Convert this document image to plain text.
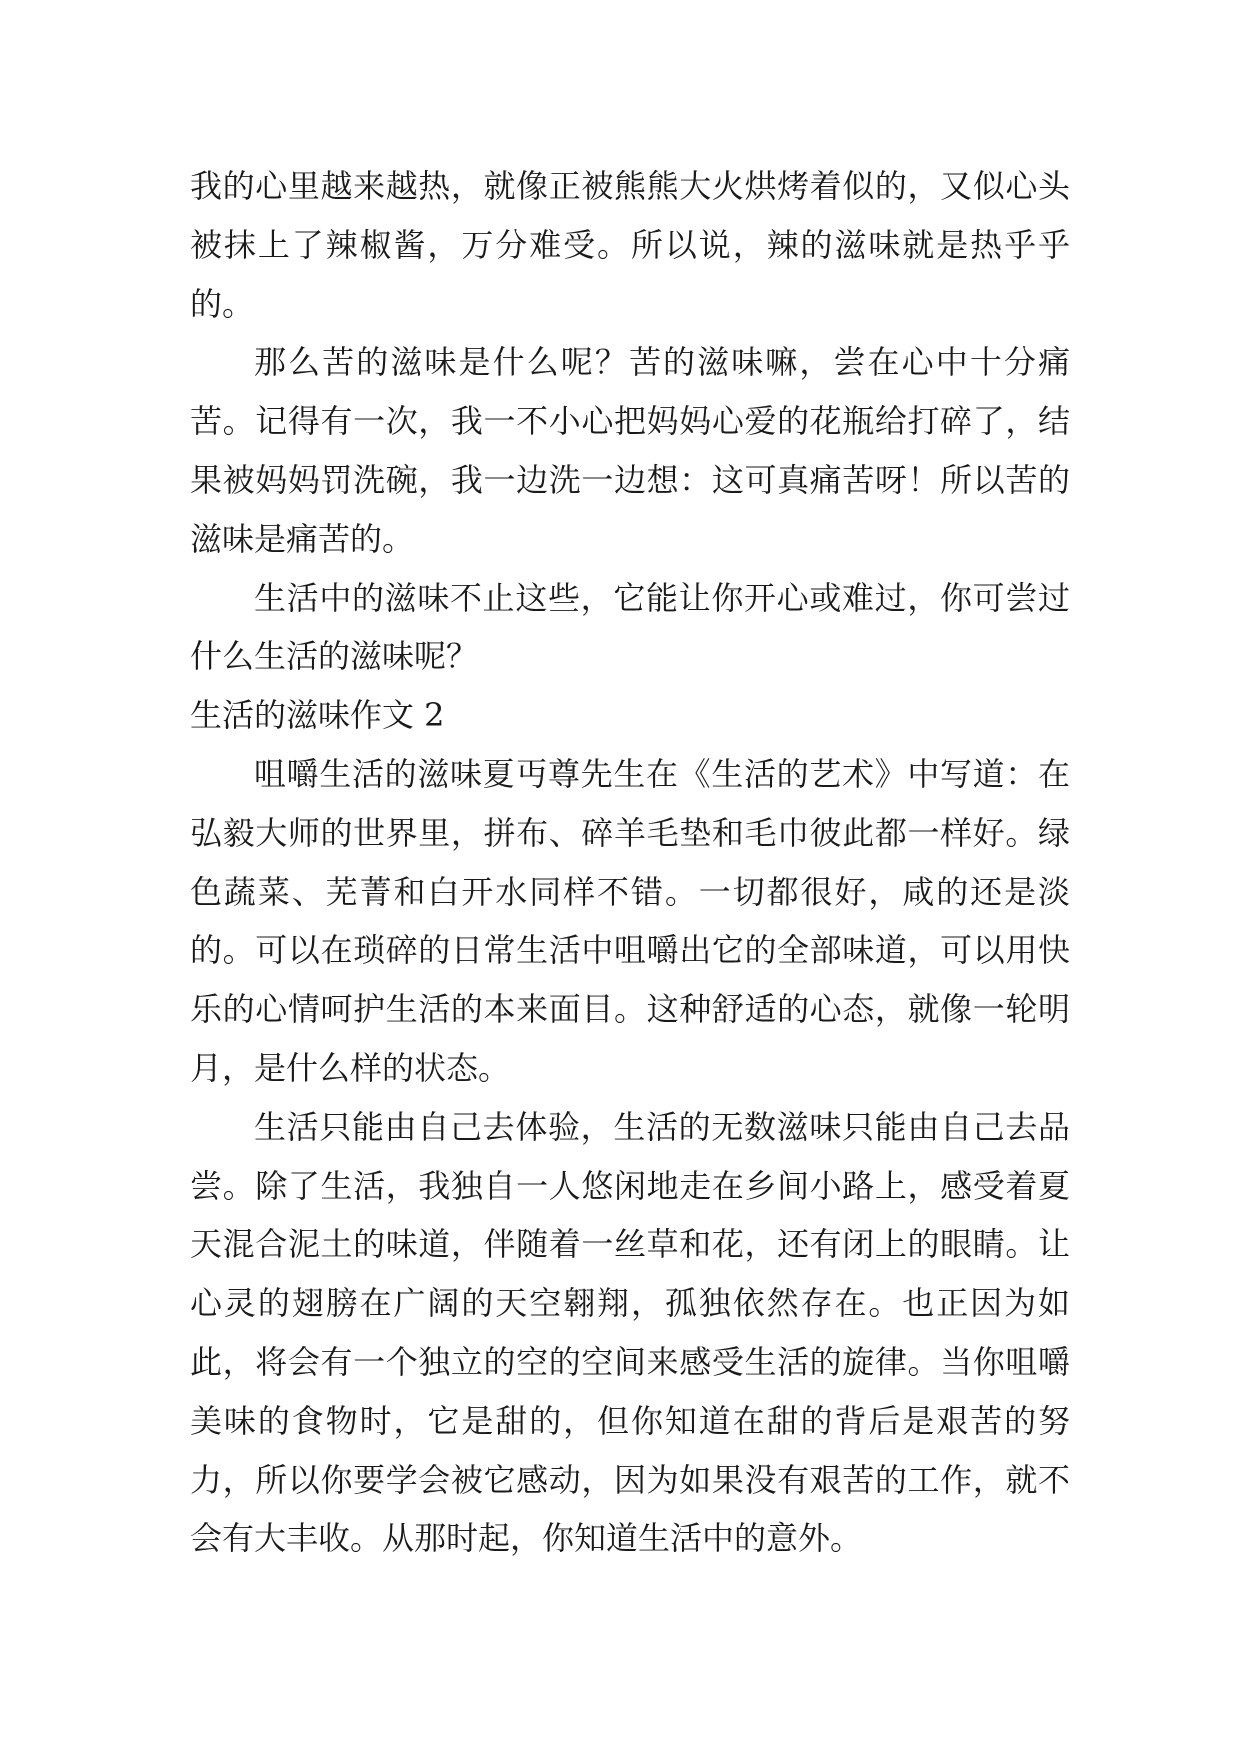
我的心里越来越热，就像正被熊熊大火烘烤着似的，又似心头被抹上了辣椒酱，万分难受。所以说，辣的滋味就是热乎乎的。

那么苦的滋味是什么呢？苦的滋味嘛，尝在心中十分痛苦。记得有一次，我一不小心把妈妈心爱的花瓶给打碎了，结果被妈妈罚洗碗，我一边洗一边想：这可真痛苦呀！所以苦的滋味是痛苦的。

生活中的滋味不止这些，它能让你开心或难过，你可尝过什么生活的滋味呢？

生活的滋味作文 2

咀嚼生活的滋味夏丏尊先生在《生活的艺术》中写道：在弘毅大师的世界里，拼布、碎羊毛垫和毛巾彼此都一样好。绿色蔬菜、芜菁和白开水同样不错。一切都很好，咸的还是淡的。可以在琐碎的日常生活中咀嚼出它的全部味道，可以用快乐的心情呵护生活的本来面目。这种舒适的心态，就像一轮明月，是什么样的状态。

生活只能由自己去体验，生活的无数滋味只能由自己去品尝。除了生活，我独自一人悠闲地走在乡间小路上，感受着夏天混合泥土的味道，伴随着一丝草和花，还有闭上的眼睛。让心灵的翅膀在广阔的天空翱翔，孤独依然存在。也正因为如此，将会有一个独立的空的空间来感受生活的旋律。当你咀嚼美味的食物时，它是甜的，但你知道在甜的背后是艰苦的努力，所以你要学会被它感动，因为如果没有艰苦的工作，就不会有大丰收。从那时起，你知道生活中的意外。
